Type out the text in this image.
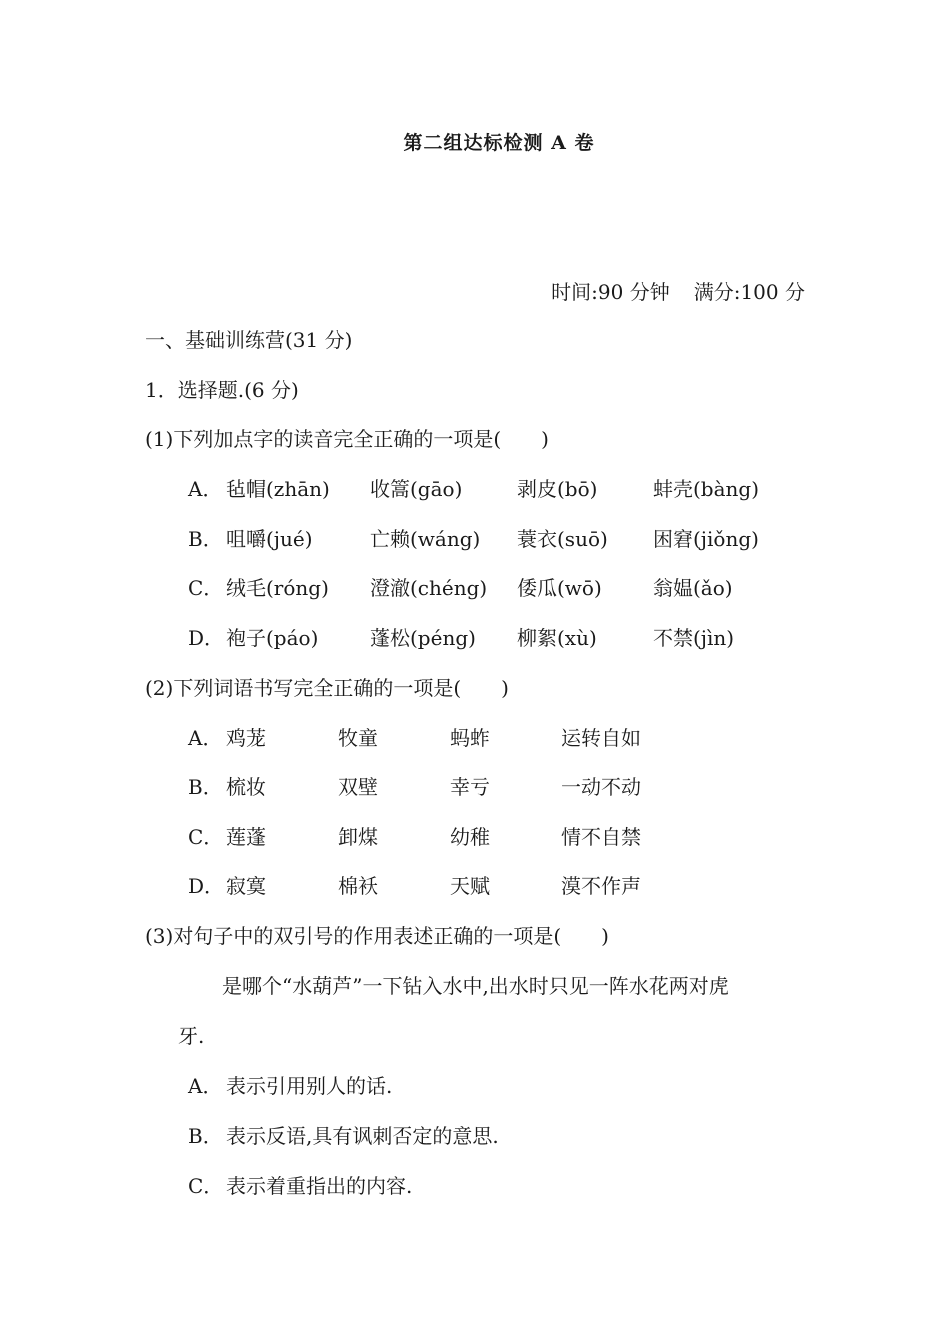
第二组达标检测 A 卷
时间:90 分钟 满分:100 分
一、基础训练营(31 分)
1．选择题.(6 分)
(1)下列加点字的读音完全正确的一项是(　　)
A． 毡帽(zhān) 收篙(gāo)	剥皮(bō)	蚌壳(bàng)
B． 咀嚼(jué)	亡赖(wáng) 蓑衣(suō) 困窘(jiǒng)
C． 绒毛(róng) 澄澈(chéng) 倭瓜(wō)	翁媪(ǎo)
D． 袍子(páo)	蓬松(péng) 柳絮(xù)	不禁(jìn)
(2)下列词语书写完全正确的一项是(　　)
A． 鸡茏	牧童	蚂蚱	运转自如
B． 梳妆	双壁	幸亏	一动不动
C． 莲蓬	卸煤	幼稚	情不自禁
D． 寂寞	棉袄	天赋	漠不作声
(3)对句子中的双引号的作用表述正确的一项是(　　)
是哪个“水葫芦”一下钻入水中,出水时只见一阵水花两对虎
牙.
A． 表示引用别人的话.
B． 表示反语,具有讽刺否定的意思.
C． 表示着重指出的内容.
